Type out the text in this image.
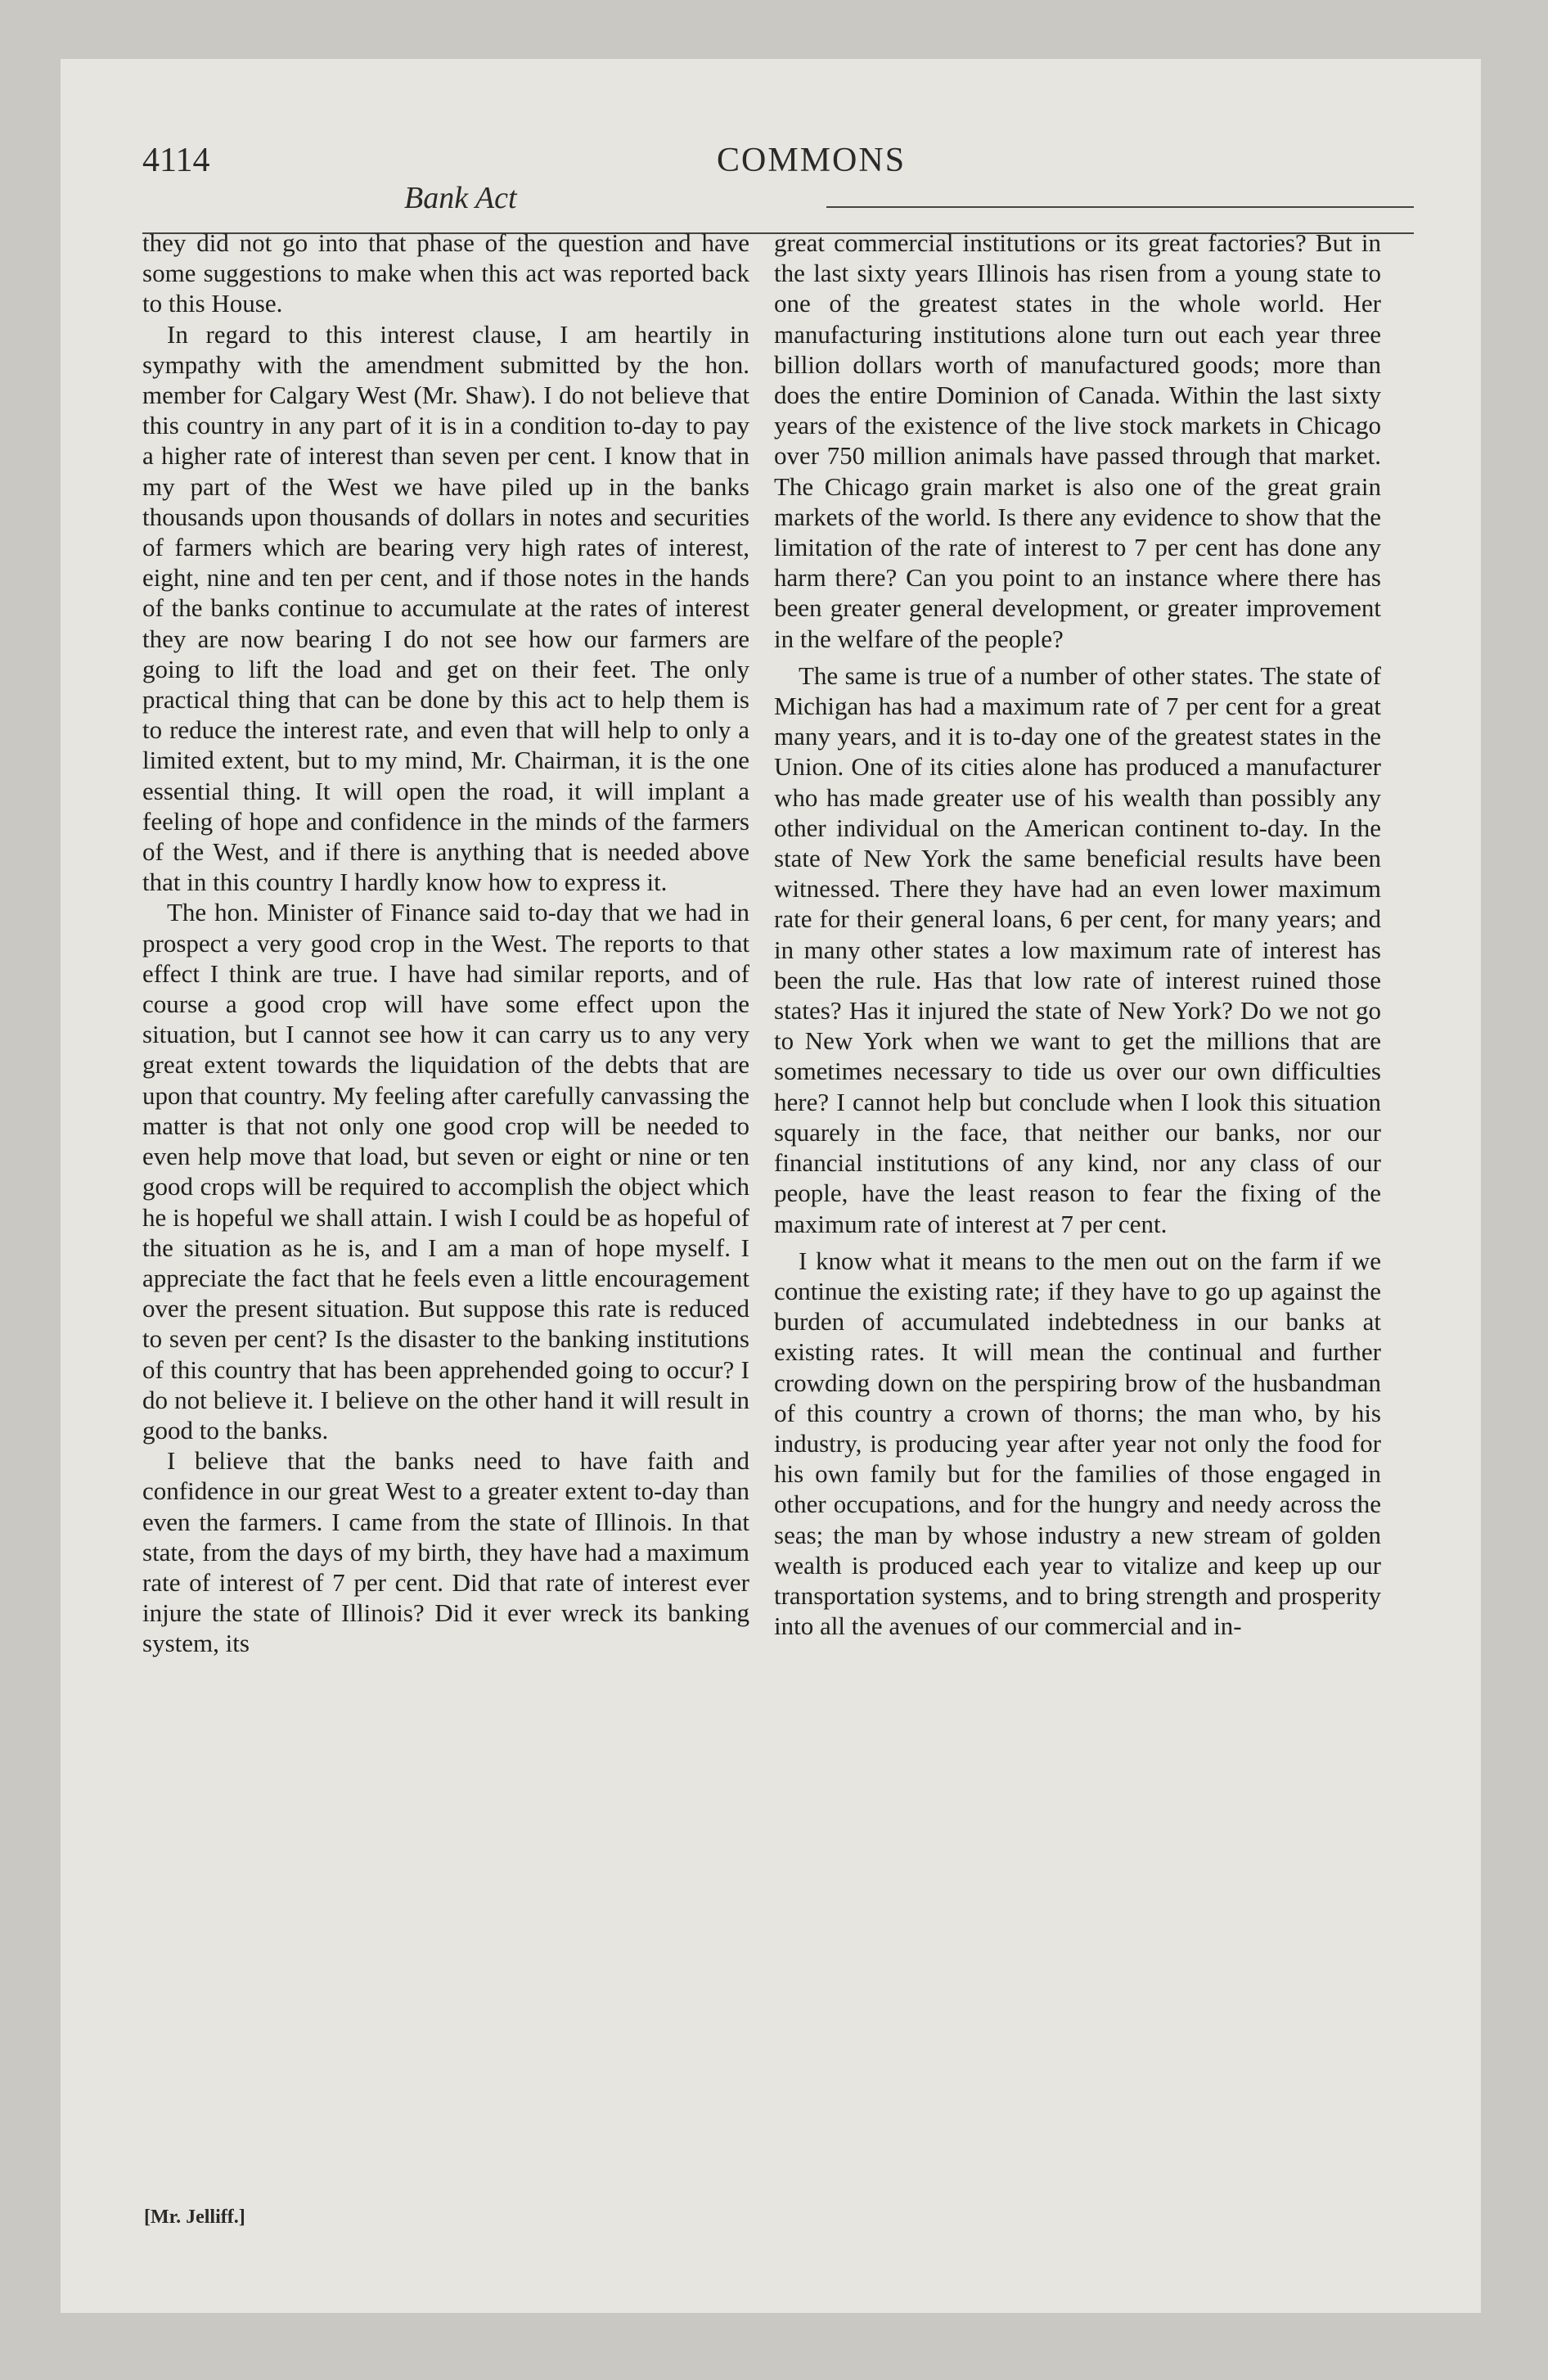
4114	COMMONS
Bank Act

they did not go into that phase of the question and have some suggestions to make when this act was reported back to this House.

In regard to this interest clause, I am heartily in sympathy with the amendment submitted by the hon. member for Calgary West (Mr. Shaw). I do not believe that this country in any part of it is in a condition to-day to pay a higher rate of interest than seven per cent. I know that in my part of the West we have piled up in the banks thousands upon thousands of dollars in notes and securities of farmers which are bearing very high rates of interest, eight, nine and ten per cent, and if those notes in the hands of the banks continue to accumulate at the rates of interest they are now bearing I do not see how our farmers are going to lift the load and get on their feet. The only practical thing that can be done by this act to help them is to reduce the interest rate, and even that will help to only a limited extent, but to my mind, Mr. Chairman, it is the one essential thing. It will open the road, it will implant a feeling of hope and confidence in the minds of the farmers of the West, and if there is anything that is needed above that in this country I hardly know how to express it.

The hon. Minister of Finance said to-day that we had in prospect a very good crop in the West. The reports to that effect I think are true. I have had similar reports, and of course a good crop will have some effect upon the situation, but I cannot see how it can carry us to any very great extent towards the liquidation of the debts that are upon that country. My feeling after carefully canvassing the matter is that not only one good crop will be needed to even help move that load, but seven or eight or nine or ten good crops will be required to accomplish the object which he is hopeful we shall attain. I wish I could be as hopeful of the situation as he is, and I am a man of hope myself. I appreciate the fact that he feels even a little encouragement over the present situation. But suppose this rate is reduced to seven per cent? Is the disaster to the banking institutions of this country that has been apprehended going to occur? I do not believe it. I believe on the other hand it will result in good to the banks.

I believe that the banks need to have faith and confidence in our great West to a greater extent to-day than even the farmers. I came from the state of Illinois. In that state, from the days of my birth, they have had a maximum rate of interest of 7 per cent. Did that rate of interest ever injure the state of Illinois? Did it ever wreck its banking system, its

great commercial institutions or its great factories? But in the last sixty years Illinois has risen from a young state to one of the greatest states in the whole world. Her manufacturing institutions alone turn out each year three billion dollars worth of manufactured goods; more than does the entire Dominion of Canada. Within the last sixty years of the existence of the live stock markets in Chicago over 750 million animals have passed through that market. The Chicago grain market is also one of the great grain markets of the world. Is there any evidence to show that the limitation of the rate of interest to 7 per cent has done any harm there? Can you point to an instance where there has been greater general development, or greater improvement in the welfare of the people?

The same is true of a number of other states. The state of Michigan has had a maximum rate of 7 per cent for a great many years, and it is to-day one of the greatest states in the Union. One of its cities alone has produced a manufacturer who has made greater use of his wealth than possibly any other individual on the American continent to-day. In the state of New York the same beneficial results have been witnessed. There they have had an even lower maximum rate for their general loans, 6 per cent, for many years; and in many other states a low maximum rate of interest has been the rule. Has that low rate of interest ruined those states? Has it injured the state of New York? Do we not go to New York when we want to get the millions that are sometimes necessary to tide us over our own difficulties here? I cannot help but conclude when I look this situation squarely in the face, that neither our banks, nor our financial institutions of any kind, nor any class of our people, have the least reason to fear the fixing of the maximum rate of interest at 7 per cent.

I know what it means to the men out on the farm if we continue the existing rate; if they have to go up against the burden of accumulated indebtedness in our banks at existing rates. It will mean the continual and further crowding down on the perspiring brow of the husbandman of this country a crown of thorns; the man who, by his industry, is producing year after year not only the food for his own family but for the families of those engaged in other occupations, and for the hungry and needy across the seas; the man by whose industry a new stream of golden wealth is produced each year to vitalize and keep up our transportation systems, and to bring strength and prosperity into all the avenues of our commercial and in-

[Mr. Jelliff.]
